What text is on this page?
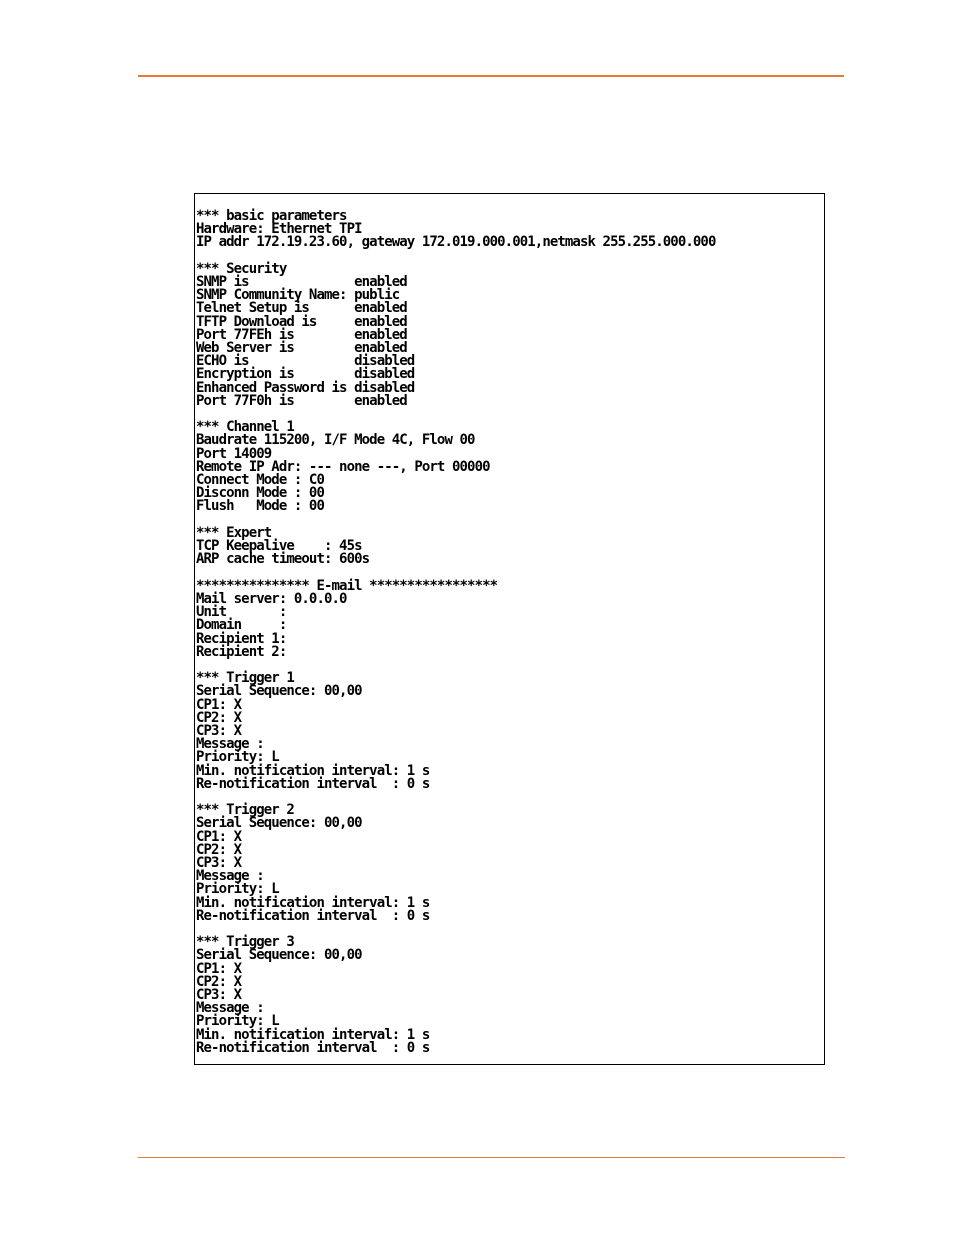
*** basic parameters
Hardware: Ethernet TPI
IP addr 172.19.23.60, gateway 172.019.000.001,netmask 255.255.000.000

*** Security
SNMP is              enabled
SNMP Community Name: public
Telnet Setup is      enabled
TFTP Download is     enabled
Port 77FEh is        enabled
Web Server is        enabled
ECHO is              disabled
Encryption is        disabled
Enhanced Password is disabled
Port 77F0h is        enabled

*** Channel 1
Baudrate 115200, I/F Mode 4C, Flow 00
Port 14009
Remote IP Adr: --- none ---, Port 00000
Connect Mode : C0
Disconn Mode : 00
Flush   Mode : 00

*** Expert
TCP Keepalive    : 45s
ARP cache timeout: 600s

*************** E-mail *****************
Mail server: 0.0.0.0
Unit       :
Domain     :
Recipient 1:
Recipient 2:

*** Trigger 1
Serial Sequence: 00,00
CP1: X
CP2: X
CP3: X
Message :
Priority: L
Min. notification interval: 1 s
Re-notification interval  : 0 s

*** Trigger 2
Serial Sequence: 00,00
CP1: X
CP2: X
CP3: X
Message :
Priority: L
Min. notification interval: 1 s
Re-notification interval  : 0 s

*** Trigger 3
Serial Sequence: 00,00
CP1: X
CP2: X
CP3: X
Message :
Priority: L
Min. notification interval: 1 s
Re-notification interval  : 0 s
